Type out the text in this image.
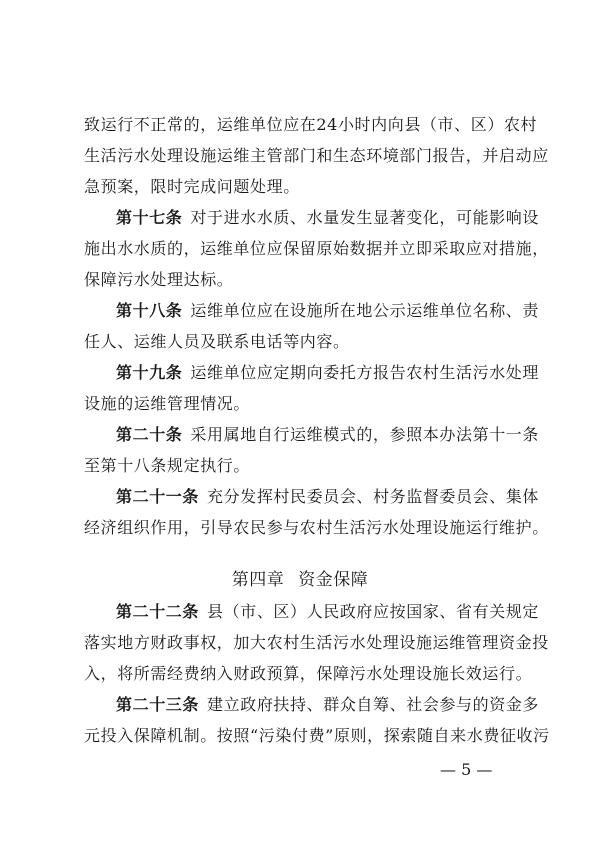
致运行不正常的，运维单位应在24小时内向县（市、区）农村
生活污水处理设施运维主管部门和生态环境部门报告，并启动应
急预案，限时完成问题处理。
第十七条 对于进水水质、水量发生显著变化，可能影响设
施出水水质的，运维单位应保留原始数据并立即采取应对措施，
保障污水处理达标。
第十八条 运维单位应在设施所在地公示运维单位名称、责
任人、运维人员及联系电话等内容。
第十九条 运维单位应定期向委托方报告农村生活污水处理
设施的运维管理情况。
第二十条 采用属地自行运维模式的，参照本办法第十一条
至第十八条规定执行。
第二十一条 充分发挥村民委员会、村务监督委员会、集体
经济组织作用，引导农民参与农村生活污水处理设施运行维护。
第四章 资金保障
第二十二条 县（市、区）人民政府应按国家、省有关规定
落实地方财政事权，加大农村生活污水处理设施运维管理资金投
入，将所需经费纳入财政预算，保障污水处理设施长效运行。
第二十三条 建立政府扶持、群众自筹、社会参与的资金多
元投入保障机制。按照“污染付费”原则，探索随自来水费征收污
— 5 —
